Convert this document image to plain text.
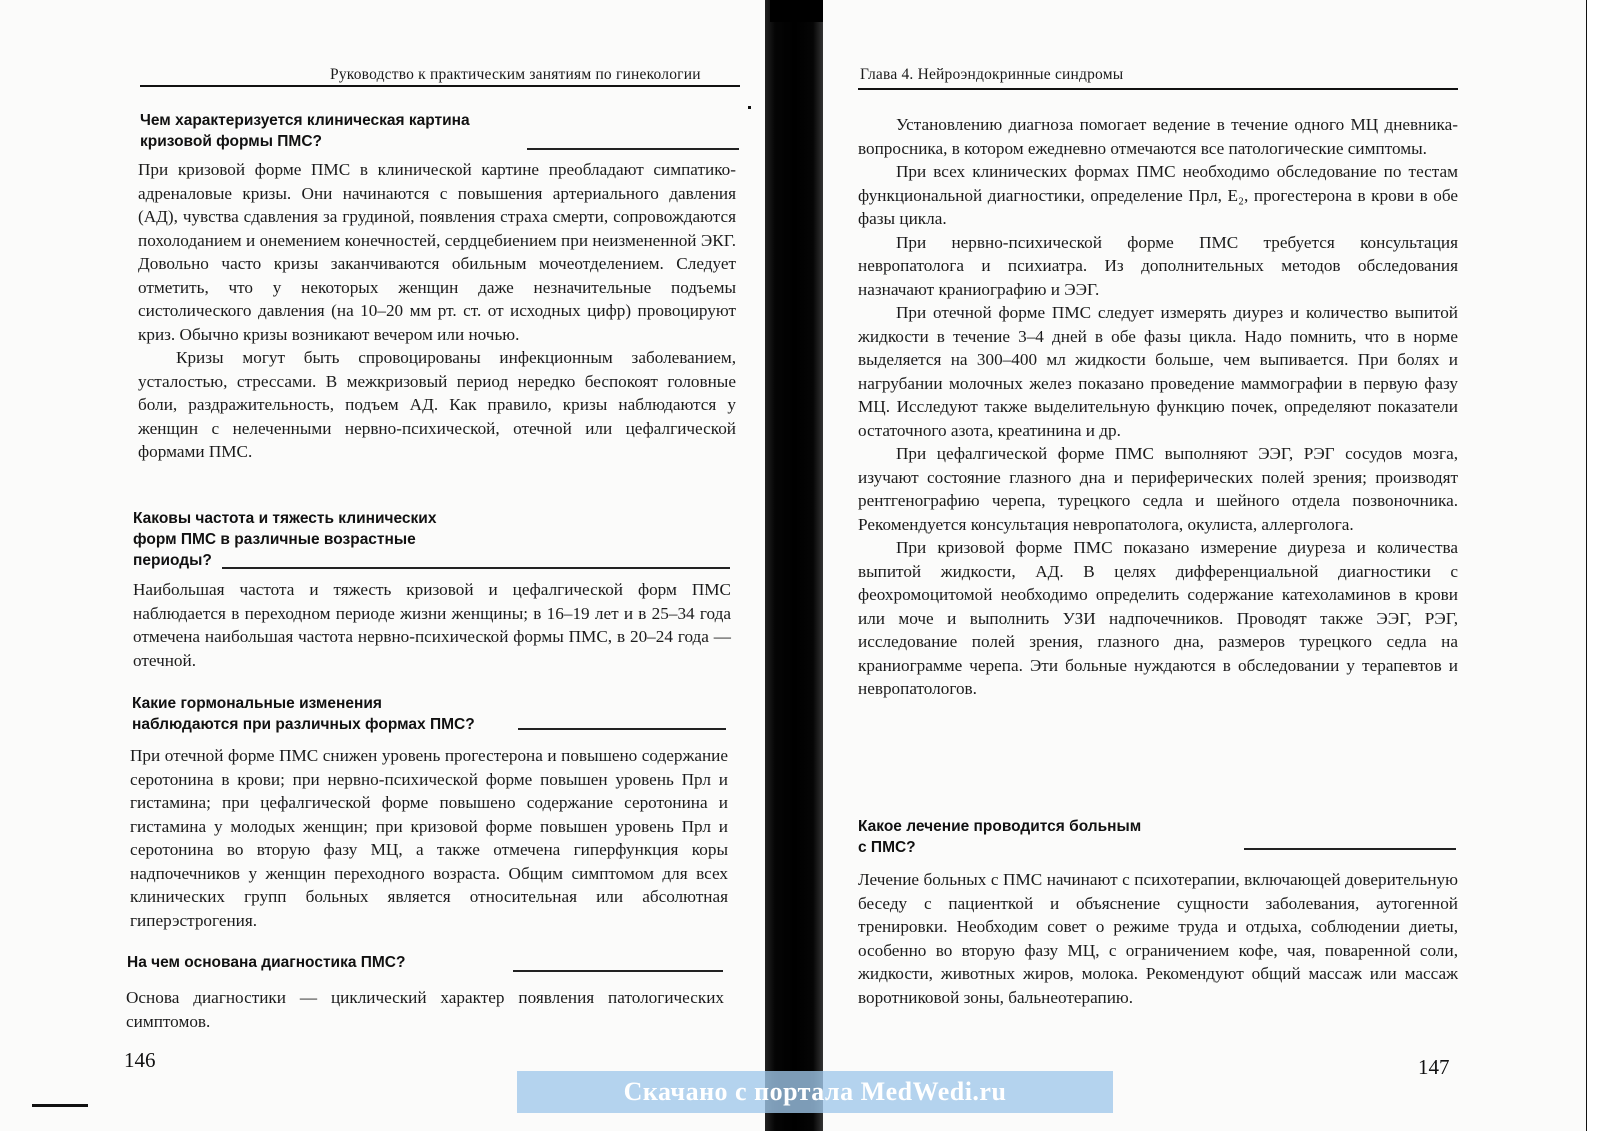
Руководство к практическим занятиям по гинекологии
Чем характеризуется клиническая картина
кризовой формы ПМС?

При кризовой форме ПМС в клинической картине преобладают симпатико-адреналовые кризы. Они начинаются с повышения артериального давления (АД), чувства сдавления за грудиной, появления страха смерти, сопровождаются похолоданием и онемением конечностей, сердцебиением при неизмененной ЭКГ. Довольно часто кризы заканчиваются обильным мочеотделением. Следует отметить, что у некоторых женщин даже незначительные подъемы систолического давления (на 10–20 мм рт. ст. от исходных цифр) провоцируют криз. Обычно кризы возникают вечером или ночью.

Кризы могут быть спровоцированы инфекционным заболеванием, усталостью, стрессами. В межкризовый период нередко беспокоят головные боли, раздражительность, подъем АД. Как правило, кризы наблюдаются у женщин с нелеченными нервно-психической, отечной или цефалгической формами ПМС.

Каковы частота и тяжесть клинических
форм ПМС в различные возрастные
периоды?

Наибольшая частота и тяжесть кризовой и цефалгической форм ПМС наблюдается в переходном периоде жизни женщины; в 16–19 лет и в 25–34 года отмечена наибольшая частота нервно-психической формы ПМС, в 20–24 года — отечной.

Какие гормональные изменения
наблюдаются при различных формах ПМС?

При отечной форме ПМС снижен уровень прогестерона и повышено содержание серотонина в крови; при нервно-психической форме повышен уровень Прл и гистамина; при цефалгической форме повышено содержание серотонина и гистамина у молодых женщин; при кризовой форме повышен уровень Прл и серотонина во вторую фазу МЦ, а также отмечена гиперфункция коры надпочечников у женщин переходного возраста. Общим симптомом для всех клинических групп больных является относительная или абсолютная гиперэстрогения.

На чем основана диагностика ПМС?

Основа диагностики — циклический характер появления патологических симптомов.

146
Глава 4. Нейроэндокринные синдромы

Установлению диагноза помогает ведение в течение одного МЦ дневника-вопросника, в котором ежедневно отмечаются все патологические симптомы.

При всех клинических формах ПМС необходимо обследование по тестам функциональной диагностики, определение Прл, Е₂, прогестерона в крови в обе фазы цикла.

При нервно-психической форме ПМС требуется консультация невропатолога и психиатра. Из дополнительных методов обследования назначают краниографию и ЭЭГ.

При отечной форме ПМС следует измерять диурез и количество выпитой жидкости в течение 3–4 дней в обе фазы цикла. Надо помнить, что в норме выделяется на 300–400 мл жидкости больше, чем выпивается. При болях и нагрубании молочных желез показано проведение маммографии в первую фазу МЦ. Исследуют также выделительную функцию почек, определяют показатели остаточного азота, креатинина и др.

При цефалгической форме ПМС выполняют ЭЭГ, РЭГ сосудов мозга, изучают состояние глазного дна и периферических полей зрения; производят рентгенографию черепа, турецкого седла и шейного отдела позвоночника. Рекомендуется консультация невропатолога, окулиста, аллерголога.

При кризовой форме ПМС показано измерение диуреза и количества выпитой жидкости, АД. В целях дифференциальной диагностики с феохромоцитомой необходимо определить содержание катехоламинов в крови или моче и выполнить УЗИ надпочечников. Проводят также ЭЭГ, РЭГ, исследование полей зрения, глазного дна, размеров турецкого седла на краниограмме черепа. Эти больные нуждаются в обследовании у терапевтов и невропатологов.

Какое лечение проводится больным
с ПМС?

Лечение больных с ПМС начинают с психотерапии, включающей доверительную беседу с пациенткой и объяснение сущности заболевания, аутогенной тренировки. Необходим совет о режиме труда и отдыха, соблюдении диеты, особенно во вторую фазу МЦ, с ограничением кофе, чая, поваренной соли, жидкости, животных жиров, молока. Рекомендуют общий массаж или массаж воротниковой зоны, бальнеотерапию.

147
Скачано с портала MedWedi.ru
